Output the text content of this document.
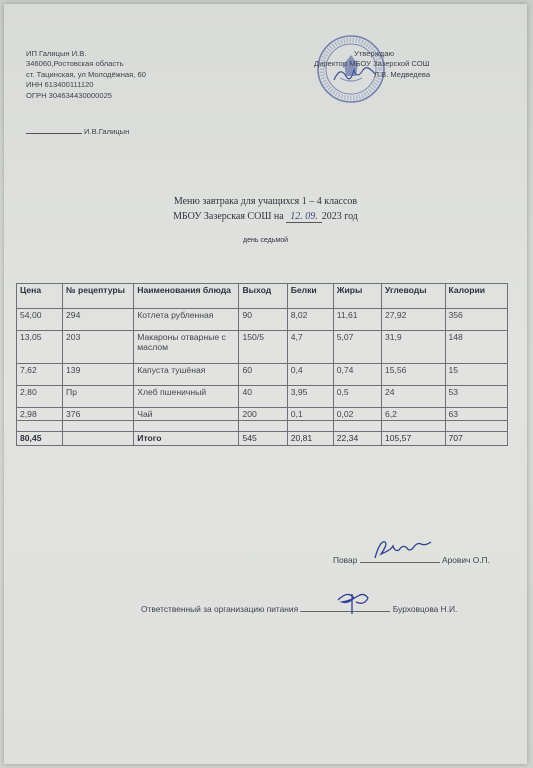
ИП Галицын И.В.
346060,Ростовская область
ст. Тацинская, ул Молодёжная, 60
ИНН 613400111120
ОГРН 304634430000025
И.В.Галицын
Утверждаю
Директор МБОУ Зазерской СОШ
Л.В. Медведева
Меню завтрака для учащихся 1 – 4 классов
МБОУ Зазерская СОШ на 12. 09. 2023 год
день седьмой
Цена	№ рецептуры	Наименования блюда	Выход	Белки	Жиры	Углеводы	Калории
54,00	294	Котлета рубленная	90	8,02	11,61	27,92	356
13,05	203	Макароны отварные с маслом	150/5	4,7	5,07	31,9	148
7,62	139	Капуста тушёная	60	0,4	0,74	15,56	15
2,80	Пр	Хлеб пшеничный	40	3,95	0,5	24	53
2,98	376	Чай	200	0,1	0,02	6,2	63

80,45		Итого	545	20,81	22,34	105,57	707
Повар	Арович О.П.
Ответственный за организацию питания	Бурховцова Н.И.
